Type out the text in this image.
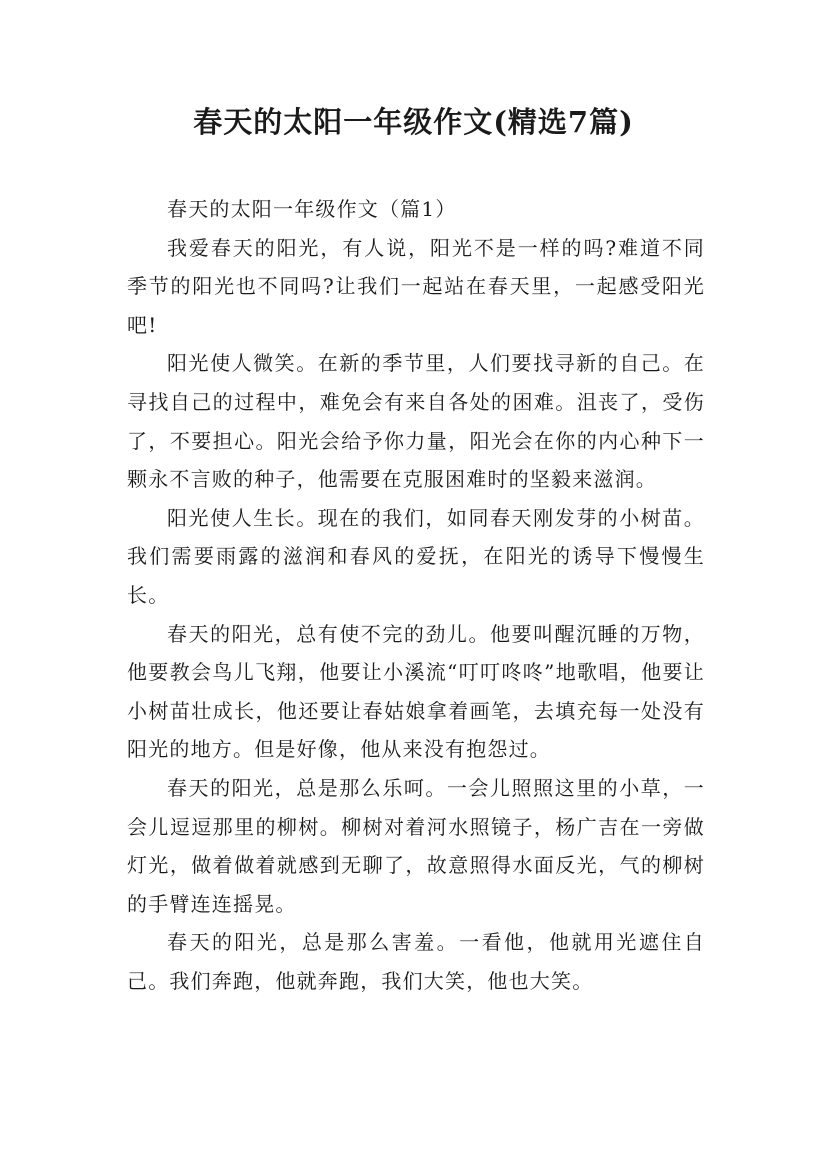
春天的太阳一年级作文(精选7篇)

春天的太阳一年级作文（篇1）

我爱春天的阳光，有人说，阳光不是一样的吗?难道不同季节的阳光也不同吗?让我们一起站在春天里，一起感受阳光吧!

阳光使人微笑。在新的季节里，人们要找寻新的自己。在寻找自己的过程中，难免会有来自各处的困难。沮丧了，受伤了，不要担心。阳光会给予你力量，阳光会在你的内心种下一颗永不言败的种子，他需要在克服困难时的坚毅来滋润。

阳光使人生长。现在的我们，如同春天刚发芽的小树苗。我们需要雨露的滋润和春风的爱抚，在阳光的诱导下慢慢生长。

春天的阳光，总有使不完的劲儿。他要叫醒沉睡的万物，他要教会鸟儿飞翔，他要让小溪流“叮叮咚咚”地歌唱，他要让小树苗壮成长，他还要让春姑娘拿着画笔，去填充每一处没有阳光的地方。但是好像，他从来没有抱怨过。

春天的阳光，总是那么乐呵。一会儿照照这里的小草，一会儿逗逗那里的柳树。柳树对着河水照镜子，杨广吉在一旁做灯光，做着做着就感到无聊了，故意照得水面反光，气的柳树的手臂连连摇晃。

春天的阳光，总是那么害羞。一看他，他就用光遮住自己。我们奔跑，他就奔跑，我们大笑，他也大笑。
